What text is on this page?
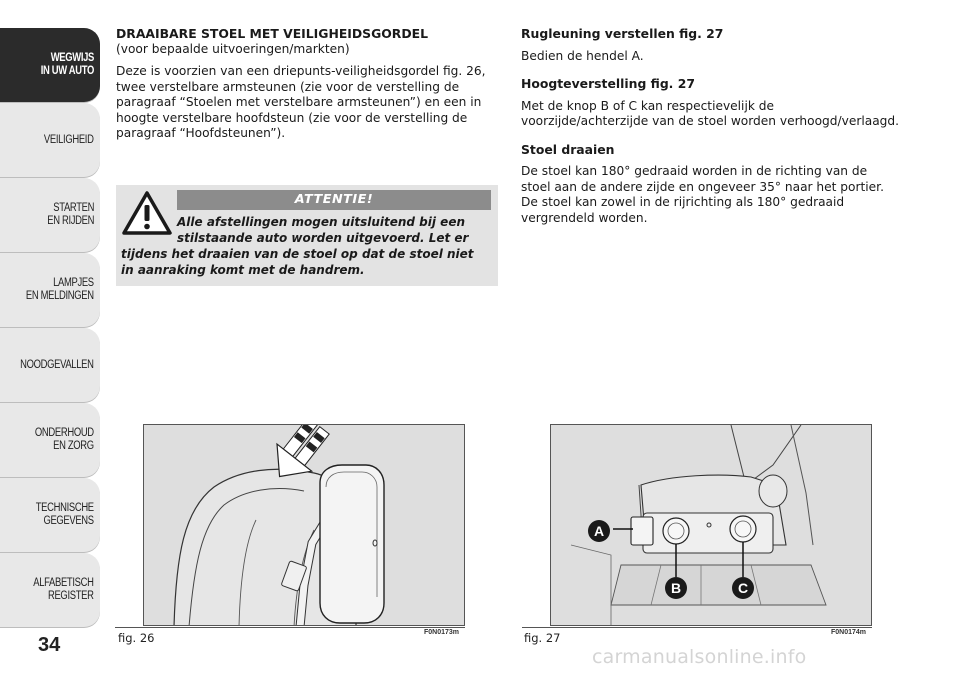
WEGWIJS
IN UW AUTO
VEILIGHEID
STARTEN
EN RIJDEN
LAMPJES
EN MELDINGEN
NOODGEVALLEN
ONDERHOUD
EN ZORG
TECHNISCHE
GEGEVENS
ALFABETISCH
REGISTER
34

DRAAIBARE STOEL MET VEILIGHEIDSGORDEL

(voor bepaalde uitvoeringen/markten)

Deze is voorzien van een driepunts-veiligheidsgordel fig. 26,

twee verstelbare armsteunen (zie voor de verstelling de

paragraaf “Stoelen met verstelbare armsteunen”) en een in

hoogte verstelbare hoofdsteun (zie voor de verstelling de

paragraaf “Hoofdsteunen”).

ATTENTIE!
Alle afstellingen mogen uitsluitend bij een
stilstaande auto worden uitgevoerd. Let er
tijdens het draaien van de stoel op dat de stoel niet
in aanraking komt met de handrem.

Rugleuning verstellen fig. 27

Bedien de hendel A.

Hoogteverstelling fig. 27

Met de knop B of C kan respectievelijk de

voorzijde/achterzijde van de stoel worden verhoogd/verlaagd.

Stoel draaien

De stoel kan 180° gedraaid worden in de richting van de

stoel aan de andere zijde en ongeveer 35° naar het portier.

De stoel kan zowel in de rijrichting als 180° gedraaid

vergrendeld worden.

fig. 26	F0N0173m
A
B	C
fig. 27	F0N0174m
carmanualsonline.info
